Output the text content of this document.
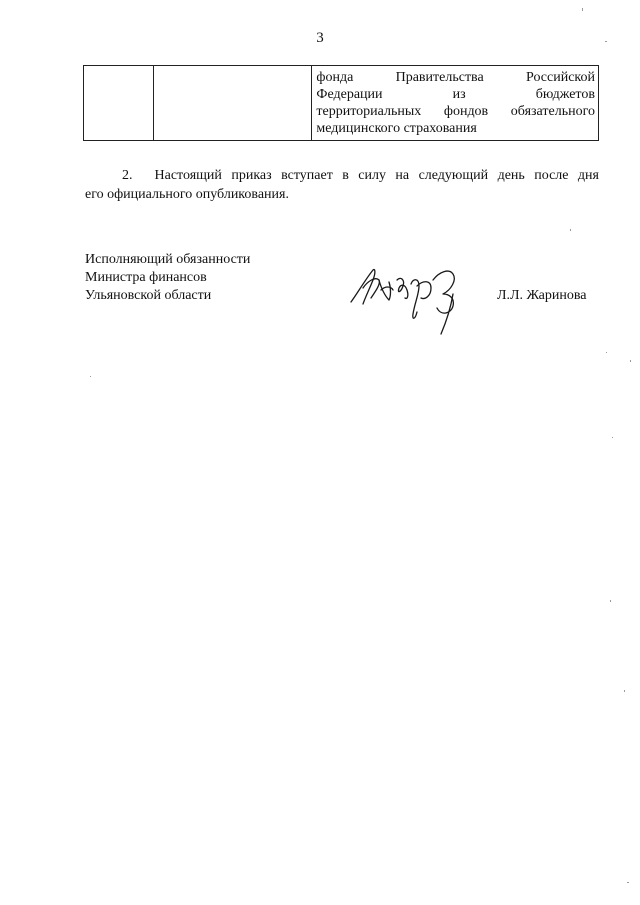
3

фонда	Правительства	Российской
Федерации	из	бюджетов
территориальных фондов обязательного
медицинского страхования
2. Настоящий приказ вступает в силу на следующий день после дня
его официального опубликования.
Исполняющий обязанности
Министра финансов
Ульяновской области	Л.Л. Жаринова
